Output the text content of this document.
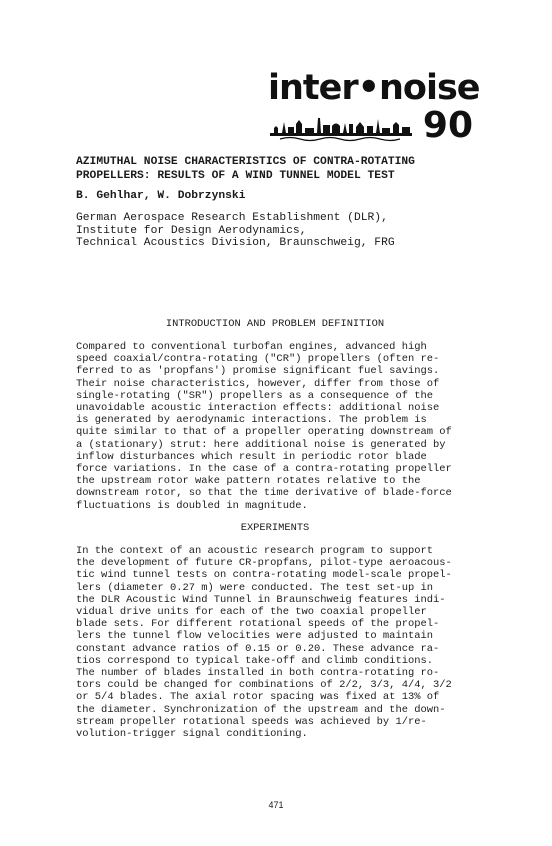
inter•noise
90
AZIMUTHAL NOISE CHARACTERISTICS OF CONTRA-ROTATING
PROPELLERS: RESULTS OF A WIND TUNNEL MODEL TEST
B. Gehlhar, W. Dobrzynski
German Aerospace Research Establishment (DLR),
Institute for Design Aerodynamics,
Technical Acoustics Division, Braunschweig, FRG
INTRODUCTION AND PROBLEM DEFINITION
Compared to conventional turbofan engines, advanced high
speed coaxial/contra-rotating ("CR") propellers (often re-
ferred to as 'propfans') promise significant fuel savings.
Their noise characteristics, however, differ from those of
single-rotating ("SR") propellers as a consequence of the
unavoidable acoustic interaction effects: additional noise
is generated by aerodynamic interactions. The problem is
quite similar to that of a propeller operating downstream of
a (stationary) strut: here additional noise is generated by
inflow disturbances which result in periodic rotor blade
force variations. In the case of a contra-rotating propeller
the upstream rotor wake pattern rotates relative to the
downstream rotor, so that the time derivative of blade-force
fluctuations is doubled in magnitude.
EXPERIMENTS
In the context of an acoustic research program to support
the development of future CR-propfans, pilot-type aeroacous-
tic wind tunnel tests on contra-rotating model-scale propel-
lers (diameter 0.27 m) were conducted. The test set-up in
the DLR Acoustic Wind Tunnel in Braunschweig features indi-
vidual drive units for each of the two coaxial propeller
blade sets. For different rotational speeds of the propel-
lers the tunnel flow velocities were adjusted to maintain
constant advance ratios of 0.15 or 0.20. These advance ra-
tios correspond to typical take-off and climb conditions.
The number of blades installed in both contra-rotating ro-
tors could be changed for combinations of 2/2, 3/3, 4/4, 3/2
or 5/4 blades. The axial rotor spacing was fixed at 13% of
the diameter. Synchronization of the upstream and the down-
stream propeller rotational speeds was achieved by 1/re-
volution-trigger signal conditioning.
471
